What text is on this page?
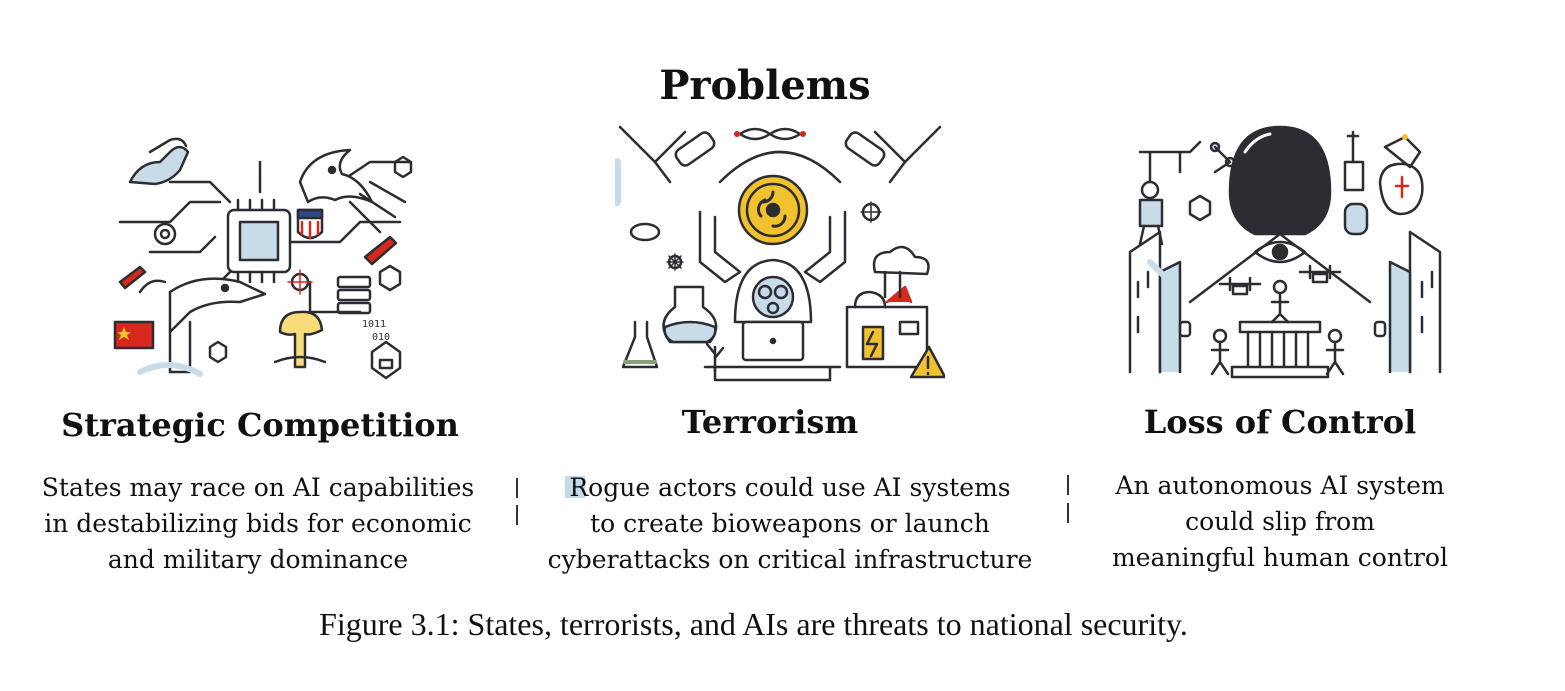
Problems
1011
010
Strategic Competition	Terrorism	Loss of Control
States may race on AI capabilities
in destabilizing bids for economic
and military dominance
Rogue actors could use AI systems
to create bioweapons or launch
cyberattacks on critical infrastructure
An autonomous AI system
could slip from
meaningful human control
Figure 3.1: States, terrorists, and AIs are threats to national security.
